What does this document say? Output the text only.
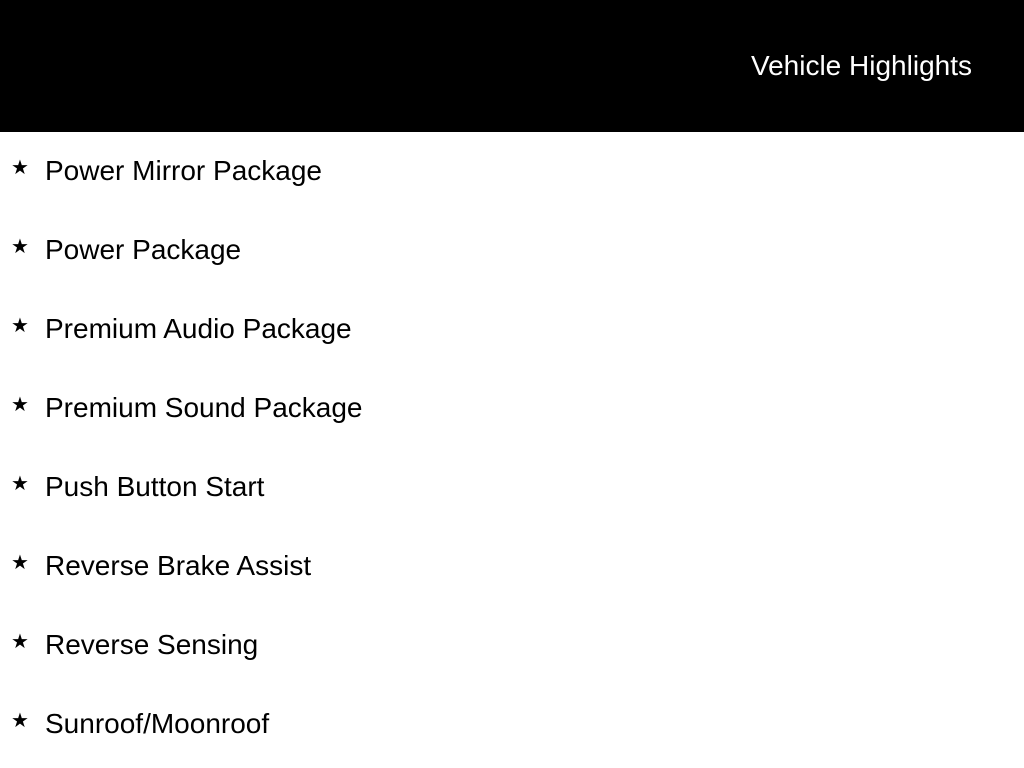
Vehicle Highlights
★ Power Mirror Package
★ Power Package
★ Premium Audio Package
★ Premium Sound Package
★ Push Button Start
★ Reverse Brake Assist
★ Reverse Sensing
★ Sunroof/Moonroof
